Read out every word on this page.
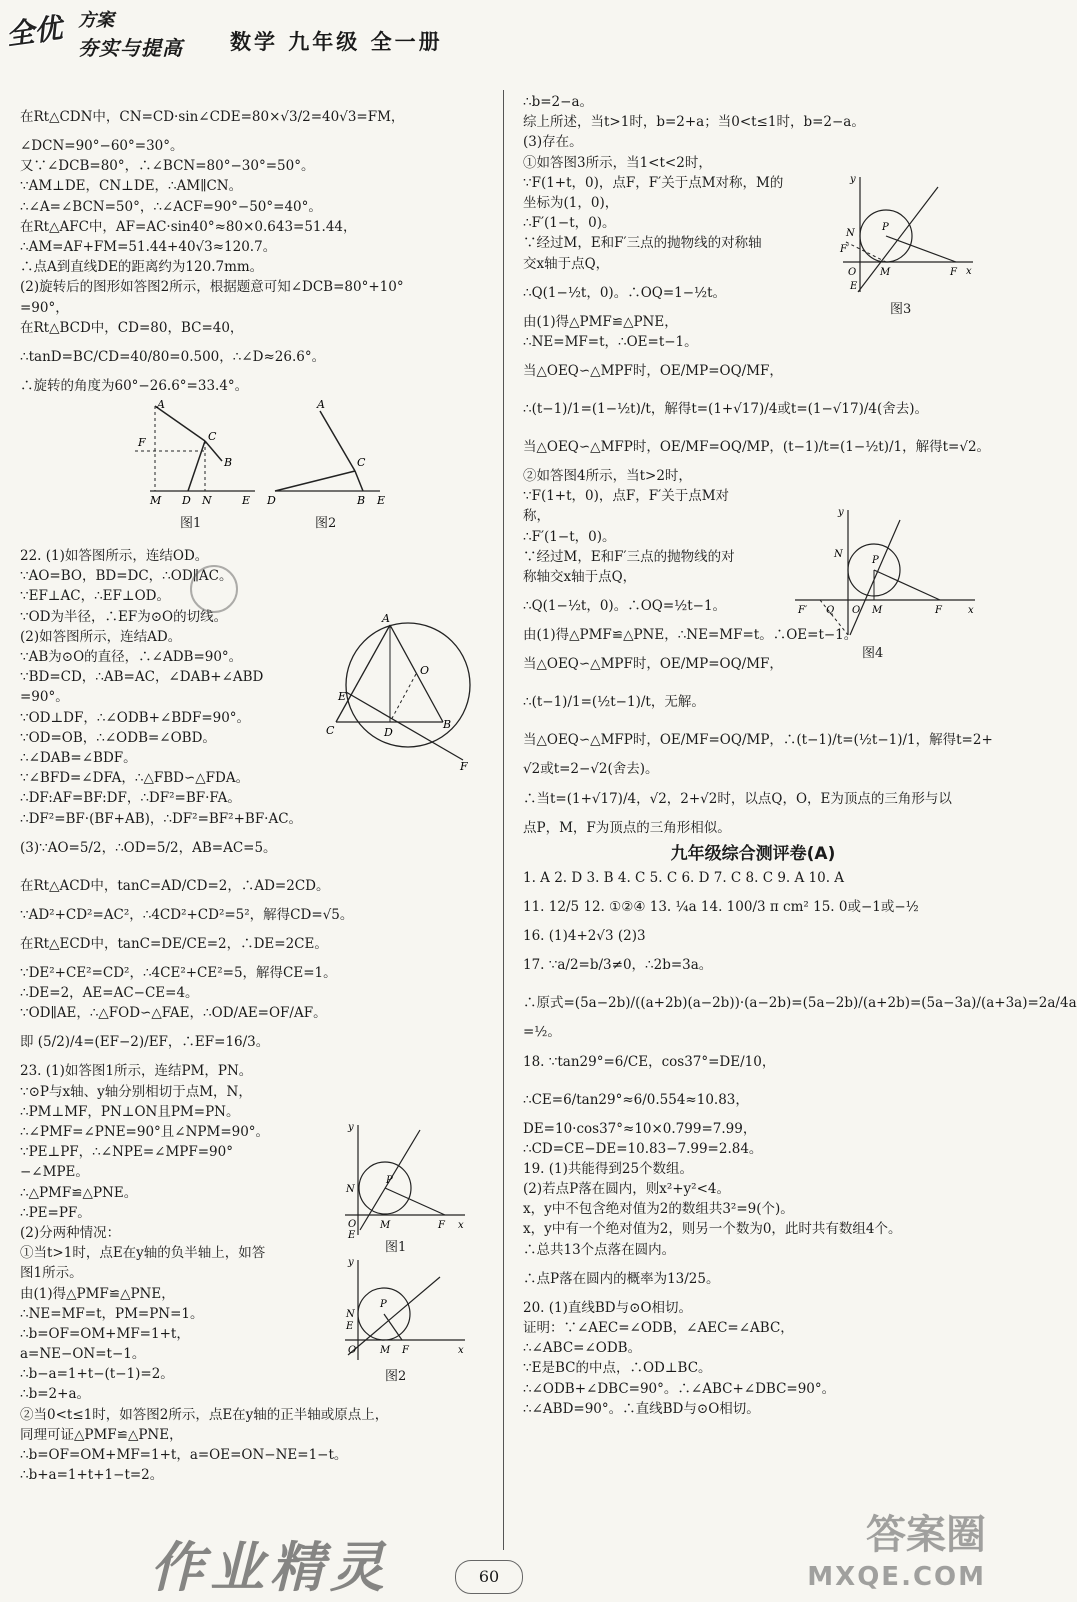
全优 方案
夯实与提高 数学 九年级 全一册
在Rt△CDN中，CN=CD·sin∠CDE=80×√3/2=40√3=FM，
∠DCN=90°−60°=30°。
又∵∠DCB=80°，∴∠BCN=80°−30°=50°。
∵AM⊥DE，CN⊥DE，∴AM∥CN。
∴∠A=∠BCN=50°，∴∠ACF=90°−50°=40°。
在Rt△AFC中，AF=AC·sin40°≈80×0.643=51.44，
∴AM=AF+FM=51.44+40√3≈120.7。
∴点A到直线DE的距离约为120.7mm。
(2)旋转后的图形如答图2所示，根据题意可知∠DCB=80°+10°
=90°，
在Rt△BCD中，CD=80，BC=40，
∴tanD=BC/CD=40/80=0.500，∴∠D≈26.6°。
∴旋转的角度为60°−26.6°=33.4°。
A
F	C
B
M D N	E
图1
A
C
D	B E
图2
22. (1)如答图所示，连结OD。
∵AO=BO，BD=DC，∴OD∥AC。
∵EF⊥AC，∴EF⊥OD。
∵OD为半径，∴EF为⊙O的切线。
(2)如答图所示，连结AD。
∵AB为⊙O的直径，∴∠ADB=90°。
∵BD=CD，∴AB=AC，∠DAB+∠ABD
=90°。
∵OD⊥DF，∴∠ODB+∠BDF=90°。
∵OD=OB，∴∠ODB=∠OBD。
∴∠DAB=∠BDF。
∵∠BFD=∠DFA，∴△FBD∽△FDA。
∴DF:AF=BF:DF，∴DF²=BF·FA。
∴DF²=BF·(BF+AB)，∴DF²=BF²+BF·AC。
(3)∵AO=5/2，∴OD=5/2，AB=AC=5。
在Rt△ACD中，tanC=AD/CD=2，∴AD=2CD。
∵AD²+CD²=AC²，∴4CD²+CD²=5²，解得CD=√5。
在Rt△ECD中，tanC=DE/CE=2，∴DE=2CE。
∵DE²+CE²=CD²，∴4CE²+CE²=5，解得CE=1。
∴DE=2，AE=AC−CE=4。
∵OD∥AE，∴△FOD∽△FAE，∴OD/AE=OF/AF。
即 (5/2)/4=(EF−2)/EF，∴EF=16/3。
23. (1)如答图1所示，连结PM，PN。
∵⊙P与x轴、y轴分别相切于点M，N，
∴PM⊥MF，PN⊥ON且PM=PN。
∴∠PMF=∠PNE=90°且∠NPM=90°。
∵PE⊥PF，∴∠NPE=∠MPF=90°
−∠MPE。
∴△PMF≌△PNE。
∴PE=PF。
(2)分两种情况：
①当t>1时，点E在y轴的负半轴上，如答
图1所示。
由(1)得△PMF≌△PNE，
∴NE=MF=t，PM=PN=1。
∴b=OF=OM+MF=1+t，
a=NE−ON=t−1。
∴b−a=1+t−(t−1)=2。
∴b=2+a。
②当0<t≤1时，如答图2所示，点E在y轴的正半轴或原点上，
同理可证△PMF≌△PNE，
∴b=OF=OM+MF=1+t，a=OE=ON−NE=1−t。
∴b+a=1+t+1−t=2。
A
O
E
C	D
B
F
y
x
N
P
O M	F
E
图1
y
x
N
P
E
O M F
图2
∴b=2−a。
综上所述，当t>1时，b=2+a；当0<t≤1时，b=2−a。
(3)存在。
①如答图3所示，当1<t<2时，
∵F(1+t，0)，点F，F′关于点M对称，M的
坐标为(1，0)，
∴F′(1−t，0)。
∵经过M，E和F′三点的抛物线的对称轴
交x轴于点Q，
∴Q(1−½t，0)。∴OQ=1−½t。
由(1)得△PMF≌△PNE，
∴NE=MF=t，∴OE=t−1。
当△OEQ∽△MPF时，OE/MP=OQ/MF，
∴(t−1)/1=(1−½t)/t，解得t=(1+√17)/4或t=(1−√17)/4(舍去)。
当△OEQ∽△MFP时，OE/MF=OQ/MP，(t−1)/t=(1−½t)/1，解得t=√2。
②如答图4所示，当t>2时，
∵F(1+t，0)，点F，F′关于点M对
称，
∴F′(1−t，0)。
∵经过M，E和F′三点的抛物线的对
称轴交x轴于点Q，
∴Q(1−½t，0)。∴OQ=½t−1。
由(1)得△PMF≌△PNE，∴NE=MF=t。∴OE=t−1。
当△OEQ∽△MPF时，OE/MP=OQ/MF，
∴(t−1)/1=(½t−1)/t，无解。
当△OEQ∽△MFP时，OE/MF=OQ/MP，∴(t−1)/t=(½t−1)/1，解得t=2+
√2或t=2−√2(舍去)。
∴当t=(1+√17)/4，√2，2+√2时，以点Q，O，E为顶点的三角形与以
点P，M，F为顶点的三角形相似。
九年级综合测评卷(A)
1. A 2. D 3. B 4. C 5. C 6. D 7. C 8. C 9. A 10. A
11. 12/5 12. ①②④ 13. ¼a 14. 100/3 π cm² 15. 0或−1或−½
16. (1)4+2√3 (2)3
17. ∵a/2=b/3≠0，∴2b=3a。
∴原式=(5a−2b)/((a+2b)(a−2b))·(a−2b)=(5a−2b)/(a+2b)=(5a−3a)/(a+3a)=2a/4a
=½。
18. ∵tan29°=6/CE，cos37°=DE/10，
∴CE=6/tan29°≈6/0.554≈10.83，
DE=10·cos37°≈10×0.799=7.99，
∴CD=CE−DE=10.83−7.99=2.84。
19. (1)共能得到25个数组。
(2)若点P落在圆内，则x²+y²<4。
x，y中不包含绝对值为2的数组共3²=9(个)。
x，y中有一个绝对值为2，则另一个数为0，此时共有数组4个。
∴总共13个点落在圆内。
∴点P落在圆内的概率为13/25。
20. (1)直线BD与⊙O相切。
证明：∵∠AEC=∠ODB，∠AEC=∠ABC，
∴∠ABC=∠ODB。
∵E是BC的中点，∴OD⊥BC。
∴∠ODB+∠DBC=90°。∴∠ABC+∠DBC=90°。
∴∠ABD=90°。∴直线BD与⊙O相切。
y
x
N
P
F′
O M	F
E
图3
y
x
N
P
F′ Q O M	F
图4
作业精灵
答案圈
MXQE.COM
60
